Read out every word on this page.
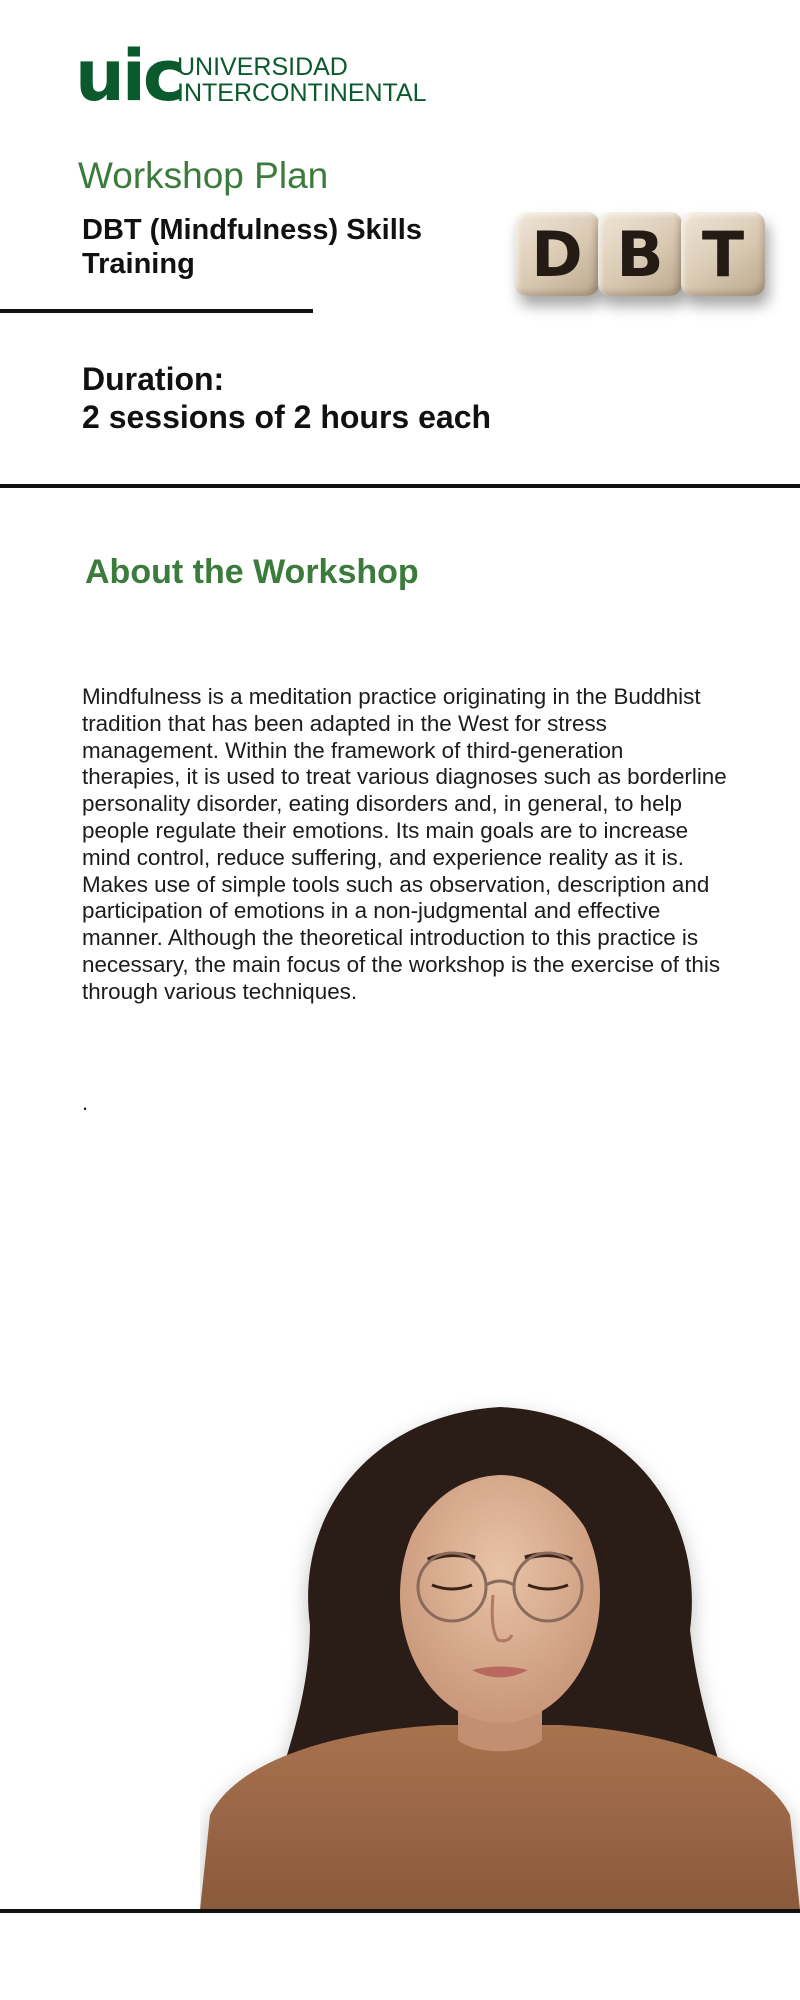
uic
UNIVERSIDAD
INTERCONTINENTAL
Workshop Plan
DBT (Mindfulness) Skills Training	D B T
Duration:
2 sessions of 2 hours each
About the Workshop
Mindfulness is a meditation practice originating in the Buddhist tradition that has been adapted in the West for stress management. Within the framework of third-generation therapies, it is used to treat various diagnoses such as borderline personality disorder, eating disorders and, in general, to help people regulate their emotions. Its main goals are to increase mind control, reduce suffering, and experience reality as it is. Makes use of simple tools such as observation, description and participation of emotions in a non-judgmental and effective manner. Although the theoretical introduction to this practice is necessary, the main focus of the workshop is the exercise of this through various techniques.
.
